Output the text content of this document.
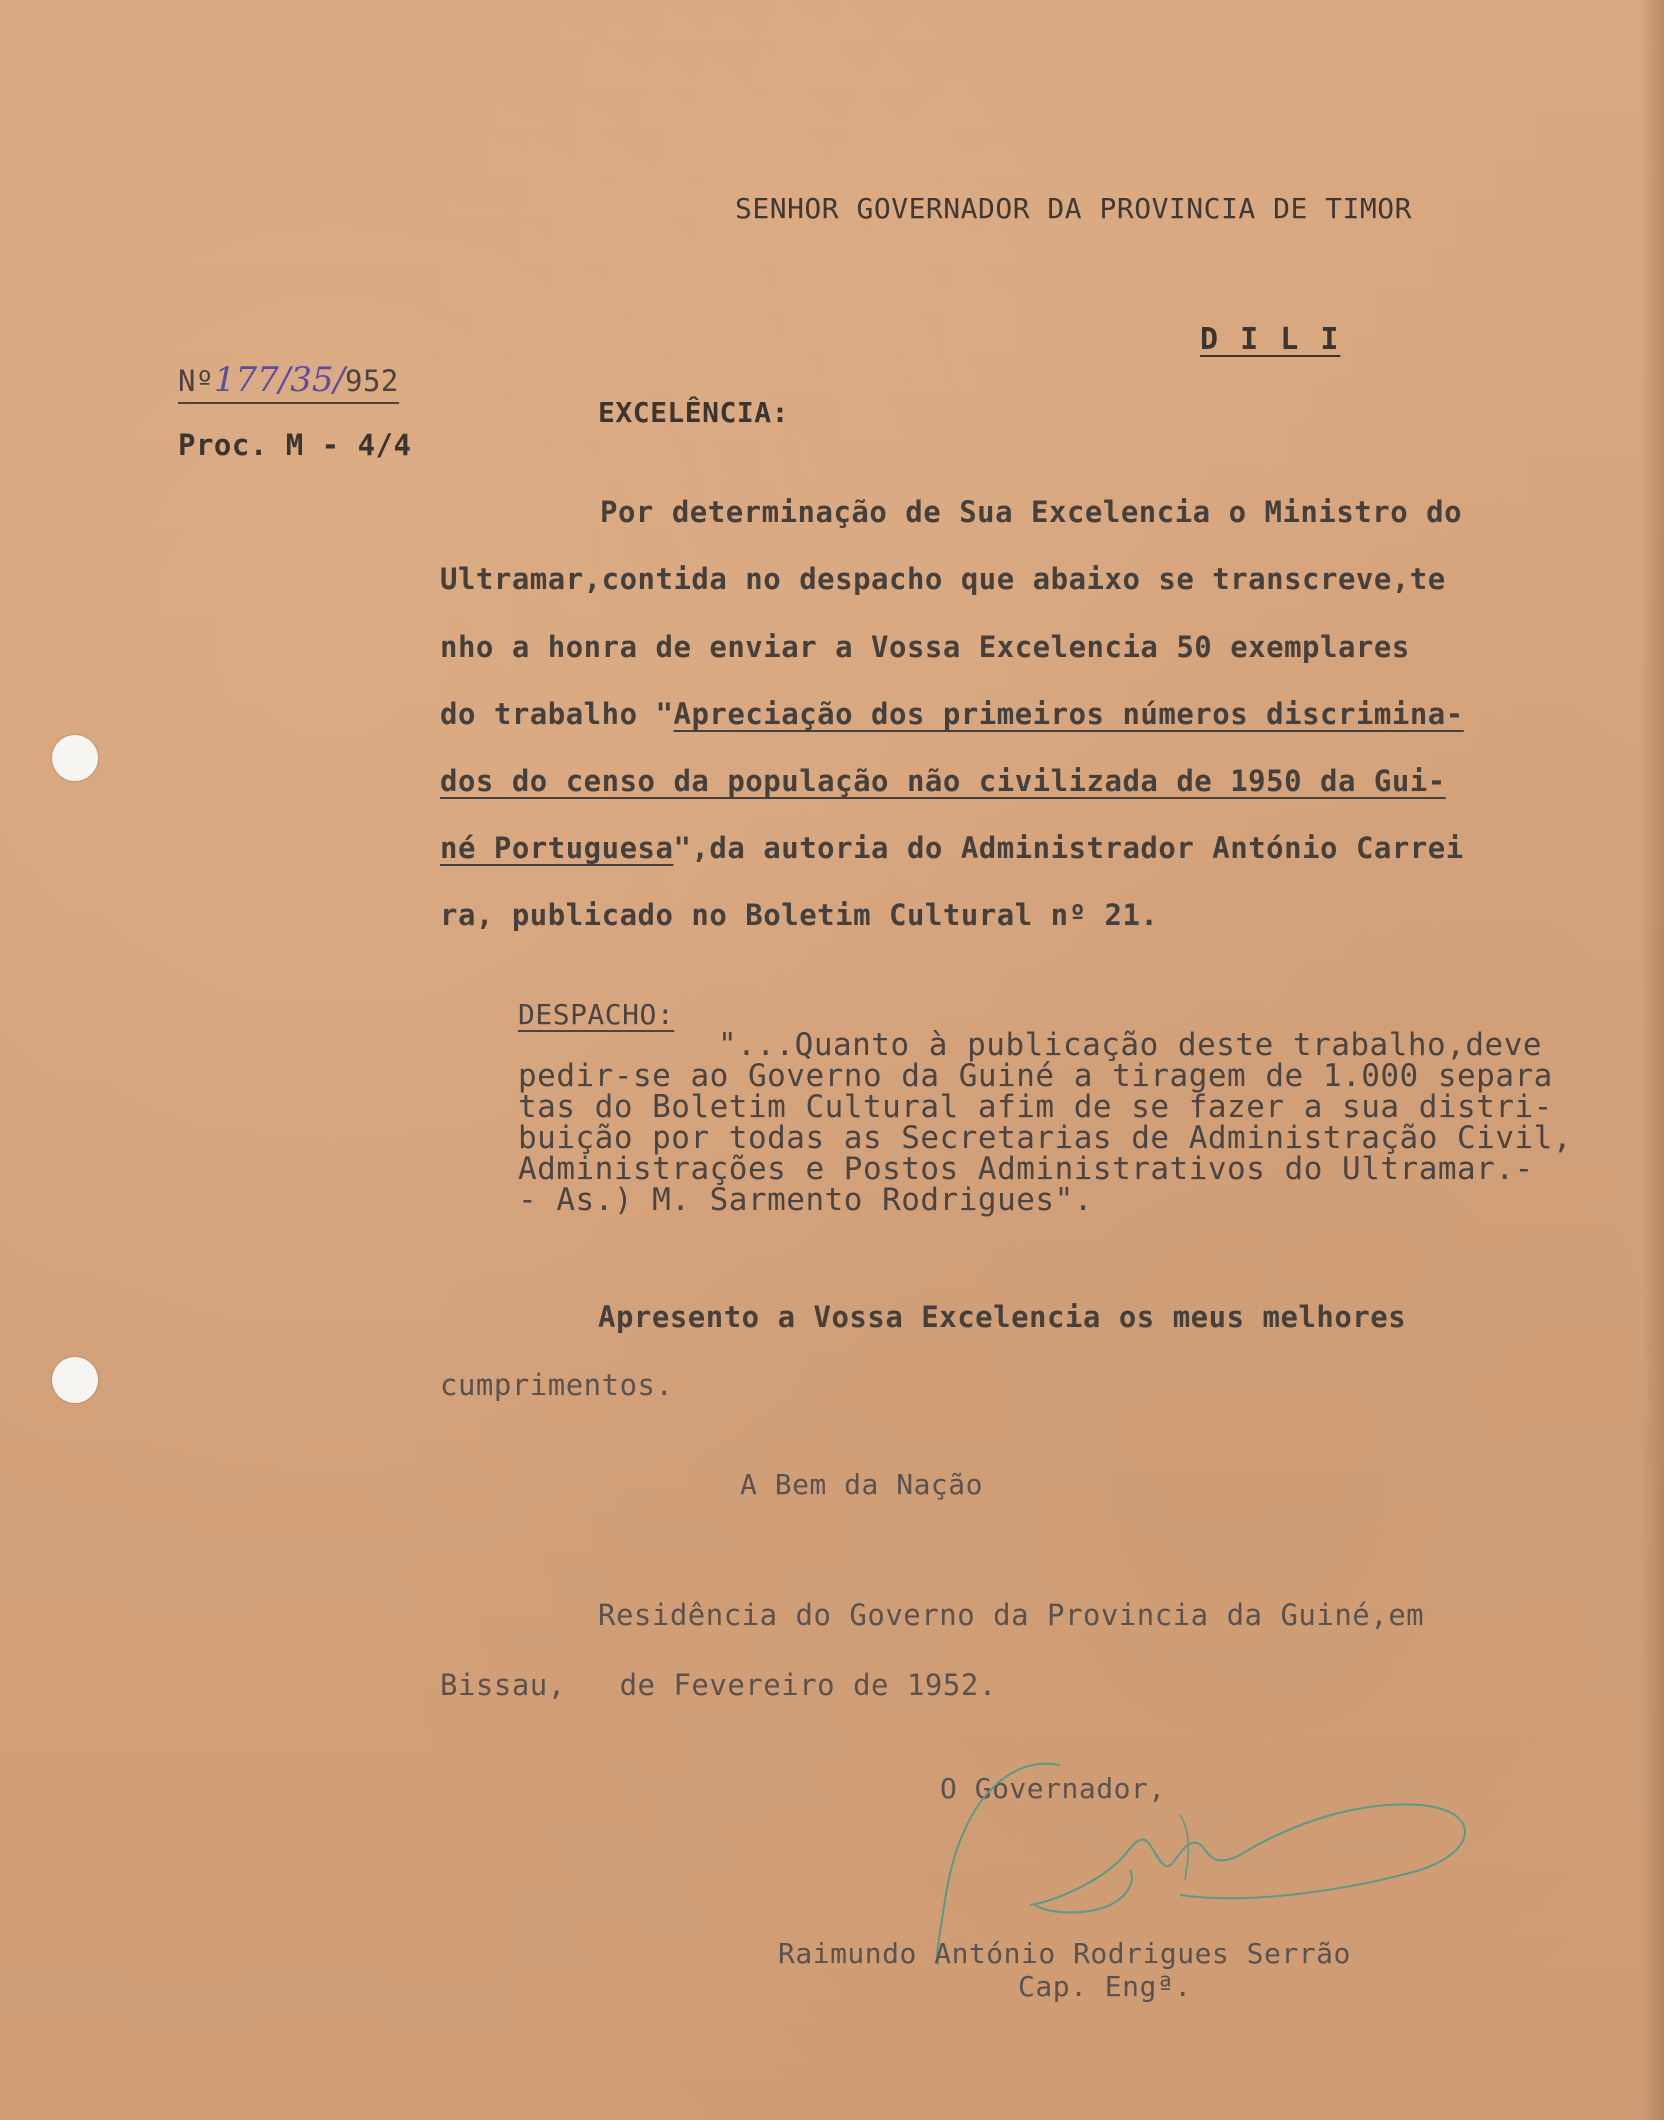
SENHOR GOVERNADOR DA PROVINCIA DE TIMOR
D I L I
Nº177/35/952
Proc. M - 4/4
EXCELÊNCIA:
Por determinação de Sua Excelencia o Ministro do
Ultramar,contida no despacho que abaixo se transcreve,te
nho a honra de enviar a Vossa Excelencia 50 exemplares
do trabalho "Apreciação dos primeiros números discrimina-
dos do censo da população não civilizada de 1950 da Gui-
né Portuguesa",da autoria do Administrador António Carrei
ra, publicado no Boletim Cultural nº 21.
DESPACHO:
"...Quanto à publicação deste trabalho,deve
pedir-se ao Governo da Guiné a tiragem de 1.000 separa
tas do Boletim Cultural afim de se fazer a sua distri-
buição por todas as Secretarias de Administração Civil,
Administrações e Postos Administrativos do Ultramar.-
- As.) M. Sarmento Rodrigues".
Apresento a Vossa Excelencia os meus melhores
cumprimentos.
A Bem da Nação
Residência do Governo da Provincia da Guiné,em
Bissau,   de Fevereiro de 1952.
O Governador,
Raimundo António Rodrigues Serrão
Cap. Engª.
